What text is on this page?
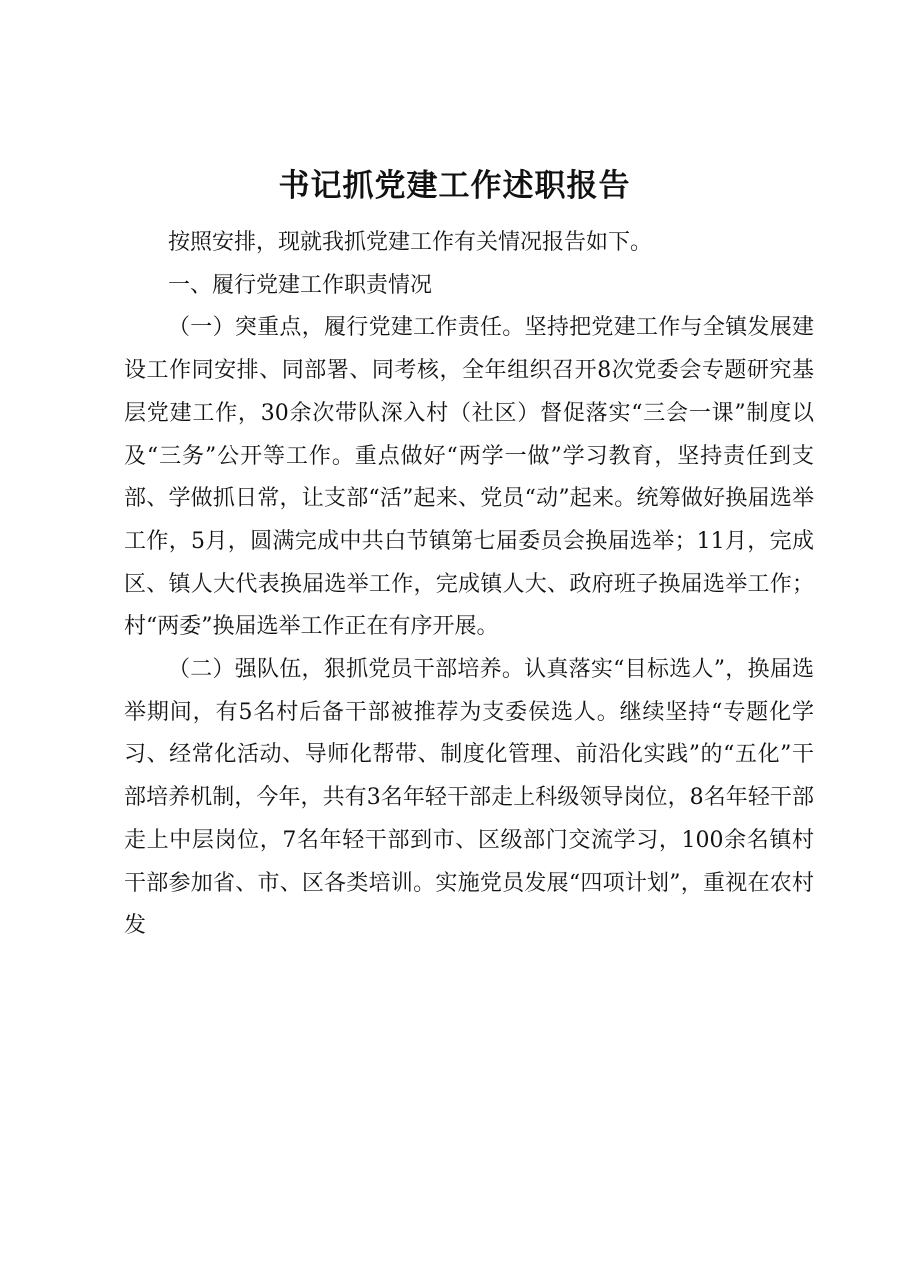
书记抓党建工作述职报告

按照安排，现就我抓党建工作有关情况报告如下。

一、履行党建工作职责情况

（一）突重点，履行党建工作责任。坚持把党建工作与全镇发展建设工作同安排、同部署、同考核，全年组织召开8次党委会专题研究基层党建工作，30余次带队深入村（社区）督促落实“三会一课”制度以及“三务”公开等工作。重点做好“两学一做”学习教育，坚持责任到支部、学做抓日常，让支部“活”起来、党员“动”起来。统筹做好换届选举工作，5月，圆满完成中共白节镇第七届委员会换届选举；11月，完成区、镇人大代表换届选举工作，完成镇人大、政府班子换届选举工作；村“两委”换届选举工作正在有序开展。

（二）强队伍，狠抓党员干部培养。认真落实“目标选人”，换届选举期间，有5名村后备干部被推荐为支委侯选人。继续坚持“专题化学习、经常化活动、导师化帮带、制度化管理、前沿化实践”的“五化”干部培养机制，今年，共有3名年轻干部走上科级领导岗位，8名年轻干部走上中层岗位，7名年轻干部到市、区级部门交流学习，100余名镇村干部参加省、市、区各类培训。实施党员发展“四项计划”，重视在农村发
